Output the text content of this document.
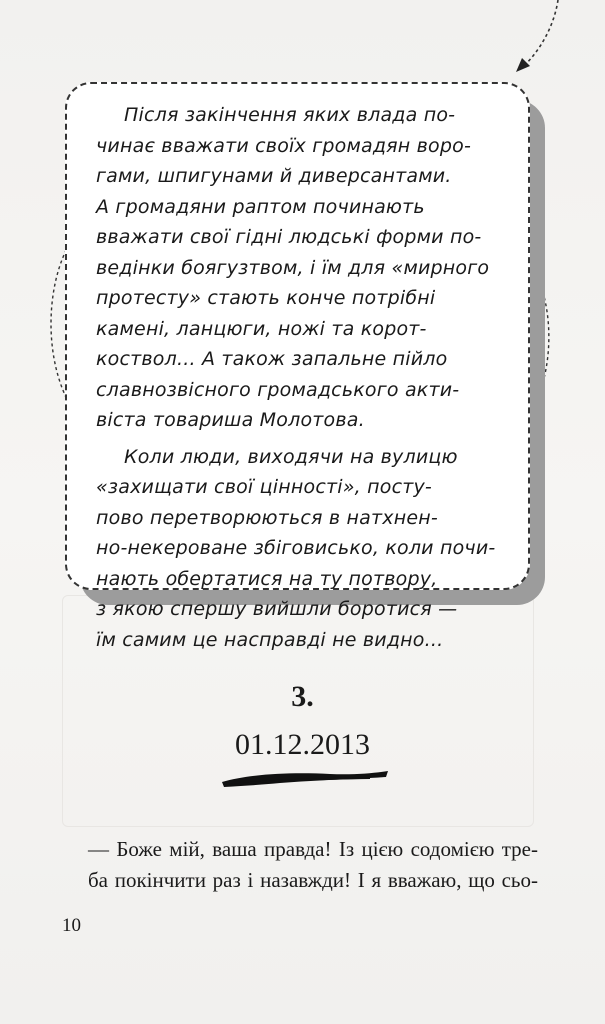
Після закінчення яких влада по-
чинає вважати своїх громадян воро-
гами, шпигунами й диверсантами.
А громадяни раптом починають
вважати свої гідні людські форми по-
ведінки боягузтвом, і їм для «мирного
протесту» стають конче потрібні
камені, ланцюги, ножі та корот-
коствол... А також запальне пійло
славнозвісного громадського акти-
віста товариша Молотова.

Коли люди, виходячи на вулицю
«захищати свої цінності», посту-
пово перетворюються в натхнен-
но-некероване збіговисько, коли почи-
нають обертатися на ту потвору,
з якою спершу вийшли боротися —
їм самим це насправді не видно...

3.
01.12.2013
— Боже мій, ваша правда! Із цією содомією тре-
ба покінчити раз і назавжди! І я вважаю, що сьо-
10
